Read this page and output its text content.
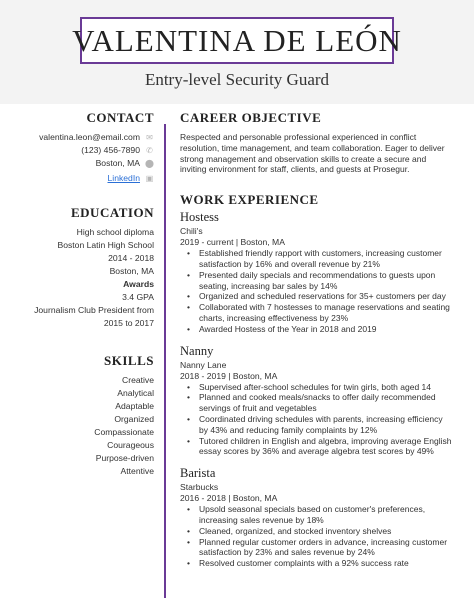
VALENTINA DE LEÓN
Entry-level Security Guard
CONTACT
valentina.leon@email.com ✉
(123) 456-7890 ✆
Boston, MA ⬤
LinkedIn ▣
EDUCATION
High school diploma
Boston Latin High School
2014 - 2018
Boston, MA
Awards
3.4 GPA
Journalism Club President from
2015 to 2017
SKILLS
Creative
Analytical
Adaptable
Organized
Compassionate
Courageous
Purpose-driven
Attentive
CAREER OBJECTIVE
Respected and personable professional experienced in conflict
resolution, time management, and team collaboration. Eager to deliver
strong management and observation skills to create a secure and
inviting environment for staff, clients, and guests at Prosegur.
WORK EXPERIENCE
Hostess
Chili's
2019 - current | Boston, MA
• Established friendly rapport with customers, increasing customer
satisfaction by 16% and overall revenue by 21%
• Presented daily specials and recommendations to guests upon
seating, increasing bar sales by 14%
• Organized and scheduled reservations for 35+ customers per day
• Collaborated with 7 hostesses to manage reservations and seating
charts, increasing effectiveness by 23%
• Awarded Hostess of the Year in 2018 and 2019
Nanny
Nanny Lane
2018 - 2019 | Boston, MA
• Supervised after-school schedules for twin girls, both aged 14
• Planned and cooked meals/snacks to offer daily recommended
servings of fruit and vegetables
• Coordinated driving schedules with parents, increasing efficiency
by 43% and reducing family complaints by 12%
• Tutored children in English and algebra, improving average English
essay scores by 36% and average algebra test scores by 49%
Barista
Starbucks
2016 - 2018 | Boston, MA
• Upsold seasonal specials based on customer's preferences,
increasing sales revenue by 18%
• Cleaned, organized, and stocked inventory shelves
• Planned regular customer orders in advance, increasing customer
satisfaction by 23% and sales revenue by 24%
• Resolved customer complaints with a 92% success rate
